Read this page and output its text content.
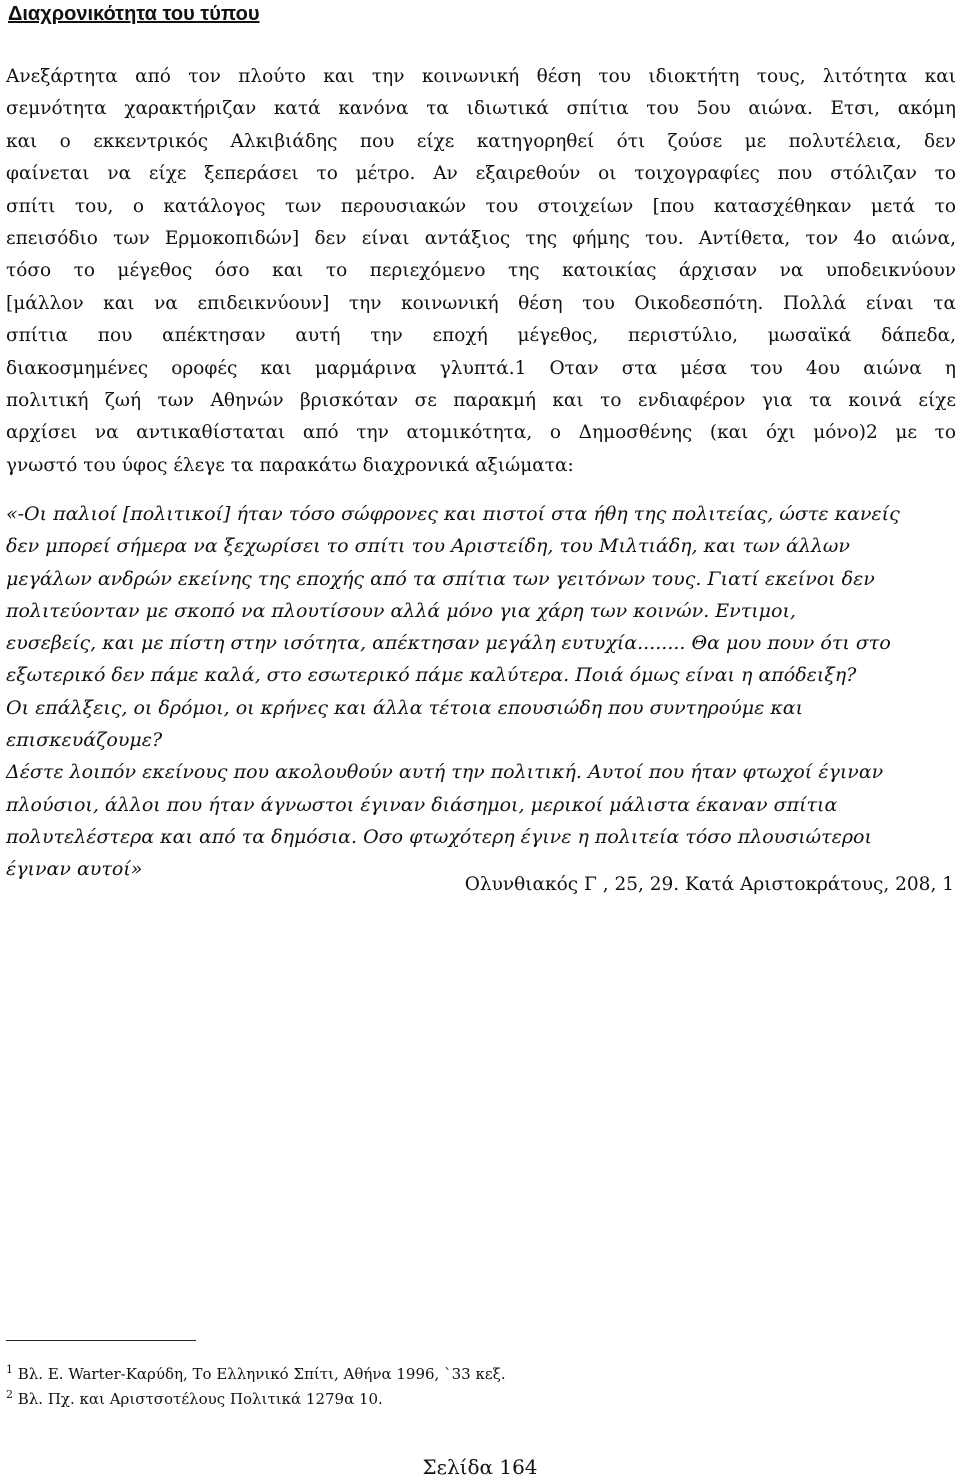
Διαχρονικότητα του τύπου
Ανεξάρτητα από τον πλούτο και την κοινωνική θέση του ιδιοκτήτη τους, λιτότητα και
σεμνότητα χαρακτήριζαν κατά κανόνα τα ιδιωτικά σπίτια του 5ου αιώνα. Ετσι, ακόμη
και ο εκκεντρικός Αλκιβιάδης που είχε κατηγορηθεί ότι ζούσε με πολυτέλεια, δεν
φαίνεται να είχε ξεπεράσει το μέτρο. Αν εξαιρεθούν οι τοιχογραφίες που στόλιζαν το
σπίτι του, ο κατάλογος των περουσιακών του στοιχείων [που κατασχέθηκαν μετά το
επεισόδιο των Ερμοκοπιδών] δεν είναι αντάξιος της φήμης του. Αντίθετα, τον 4ο αιώνα,
τόσο το μέγεθος όσο και το περιεχόμενο της κατοικίας άρχισαν να υποδεικνύουν
[μάλλον και να επιδεικνύουν] την κοινωνική θέση του Οικοδεσπότη. Πολλά είναι τα
σπίτια που απέκτησαν αυτή την εποχή μέγεθος, περιστύλιο, μωσαϊκά δάπεδα,
διακοσμημένες οροφές και μαρμάρινα γλυπτά.1 Οταν στα μέσα του 4ου αιώνα η
πολιτική ζωή των Αθηνών βρισκόταν σε παρακμή και το ενδιαφέρον για τα κοινά είχε
αρχίσει να αντικαθίσταται από την ατομικότητα, ο Δημοσθένης (και όχι μόνο)2 με το
γνωστό του ύφος έλεγε τα παρακάτω διαχρονικά αξιώματα:
«-Οι παλιοί [πολιτικοί] ήταν τόσο σώφρονες και πιστοί στα ήθη της πολιτείας, ώστε κανείς
δεν μπορεί σήμερα να ξεχωρίσει το σπίτι του Αριστείδη, του Μιλτιάδη, και των άλλων
μεγάλων ανδρών εκείνης της εποχής από τα σπίτια των γειτόνων τους. Γιατί εκείνοι δεν
πολιτεύονταν με σκοπό να πλουτίσουν αλλά μόνο για χάρη των κοινών. Εντιμοι,
ευσεβείς, και με πίστη στην ισότητα, απέκτησαν μεγάλη ευτυχία........ Θα μου πουν ότι στο
εξωτερικό δεν πάμε καλά, στο εσωτερικό πάμε καλύτερα. Ποιά όμως είναι η απόδειξη?
Οι επάλξεις, οι δρόμοι, οι κρήνες και άλλα τέτοια επουσιώδη που συντηρούμε και
επισκευάζουμε?
Δέστε λοιπόν εκείνους που ακολουθούν αυτή την πολιτική. Αυτοί που ήταν φτωχοί έγιναν
πλούσιοι, άλλοι που ήταν άγνωστοι έγιναν διάσημοι, μερικοί μάλιστα έκαναν σπίτια
πολυτελέστερα και από τα δημόσια. Οσο φτωχότερη έγινε η πολιτεία τόσο πλουσιώτεροι
έγιναν αυτοί»
Ολυνθιακός Γ , 25, 29. Κατά Αριστοκράτους, 208, 1
$^1$ Βλ. Ε. Warter-Καρύδη, Το Ελληνικό Σπίτι, Αθήνα 1996, `33 κεξ.
$^2$ Βλ. Πχ. και Αριστσοτέλους Πολιτικά 1279α 10.
Σελίδα 164
